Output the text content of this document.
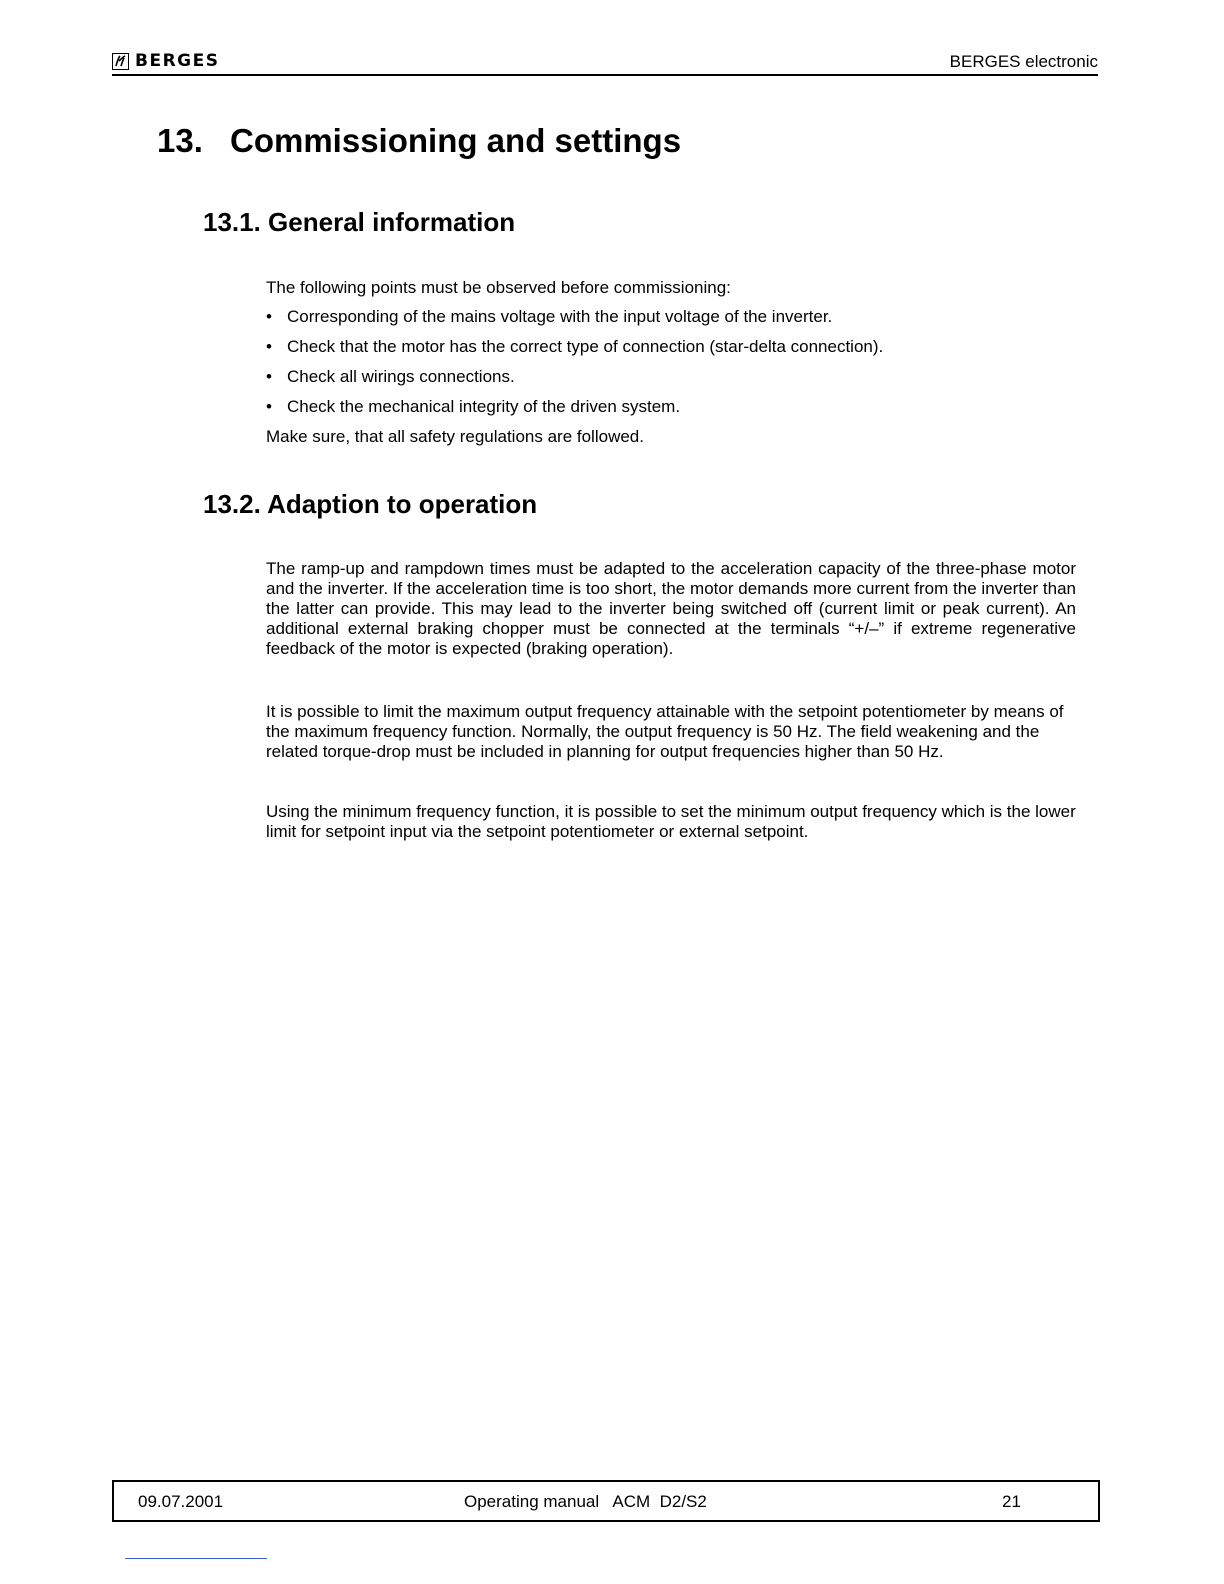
BERGES	BERGES electronic
13. Commissioning and settings
13.1. General information

The following points must be observed before commissioning:

• Corresponding of the mains voltage with the input voltage of the inverter.
• Check that the motor has the correct type of connection (star-delta connection).
• Check all wirings connections.
• Check the mechanical integrity of the driven system.

Make sure, that all safety regulations are followed.

13.2. Adaption to operation

The ramp-up and rampdown times must be adapted to the acceleration capacity of the three-phase motor and the inverter. If the acceleration time is too short, the motor demands more current from the inverter than the latter can provide. This may lead to the inverter being switched off (current limit or peak current). An additional external braking chopper must be connected at the terminals “+/–” if extreme regenerative feedback of the motor is expected (braking operation).

It is possible to limit the maximum output frequency attainable with the setpoint potentiometer by means of the maximum frequency function. Normally, the output frequency is 50 Hz. The field weakening and the related torque-drop must be included in planning for output frequencies higher than 50 Hz.

Using the minimum frequency function, it is possible to set the minimum output frequency which is the lower limit for setpoint input via the setpoint potentiometer or external setpoint.

09.07.2001	Operating manual   ACM  D2/S2	21
